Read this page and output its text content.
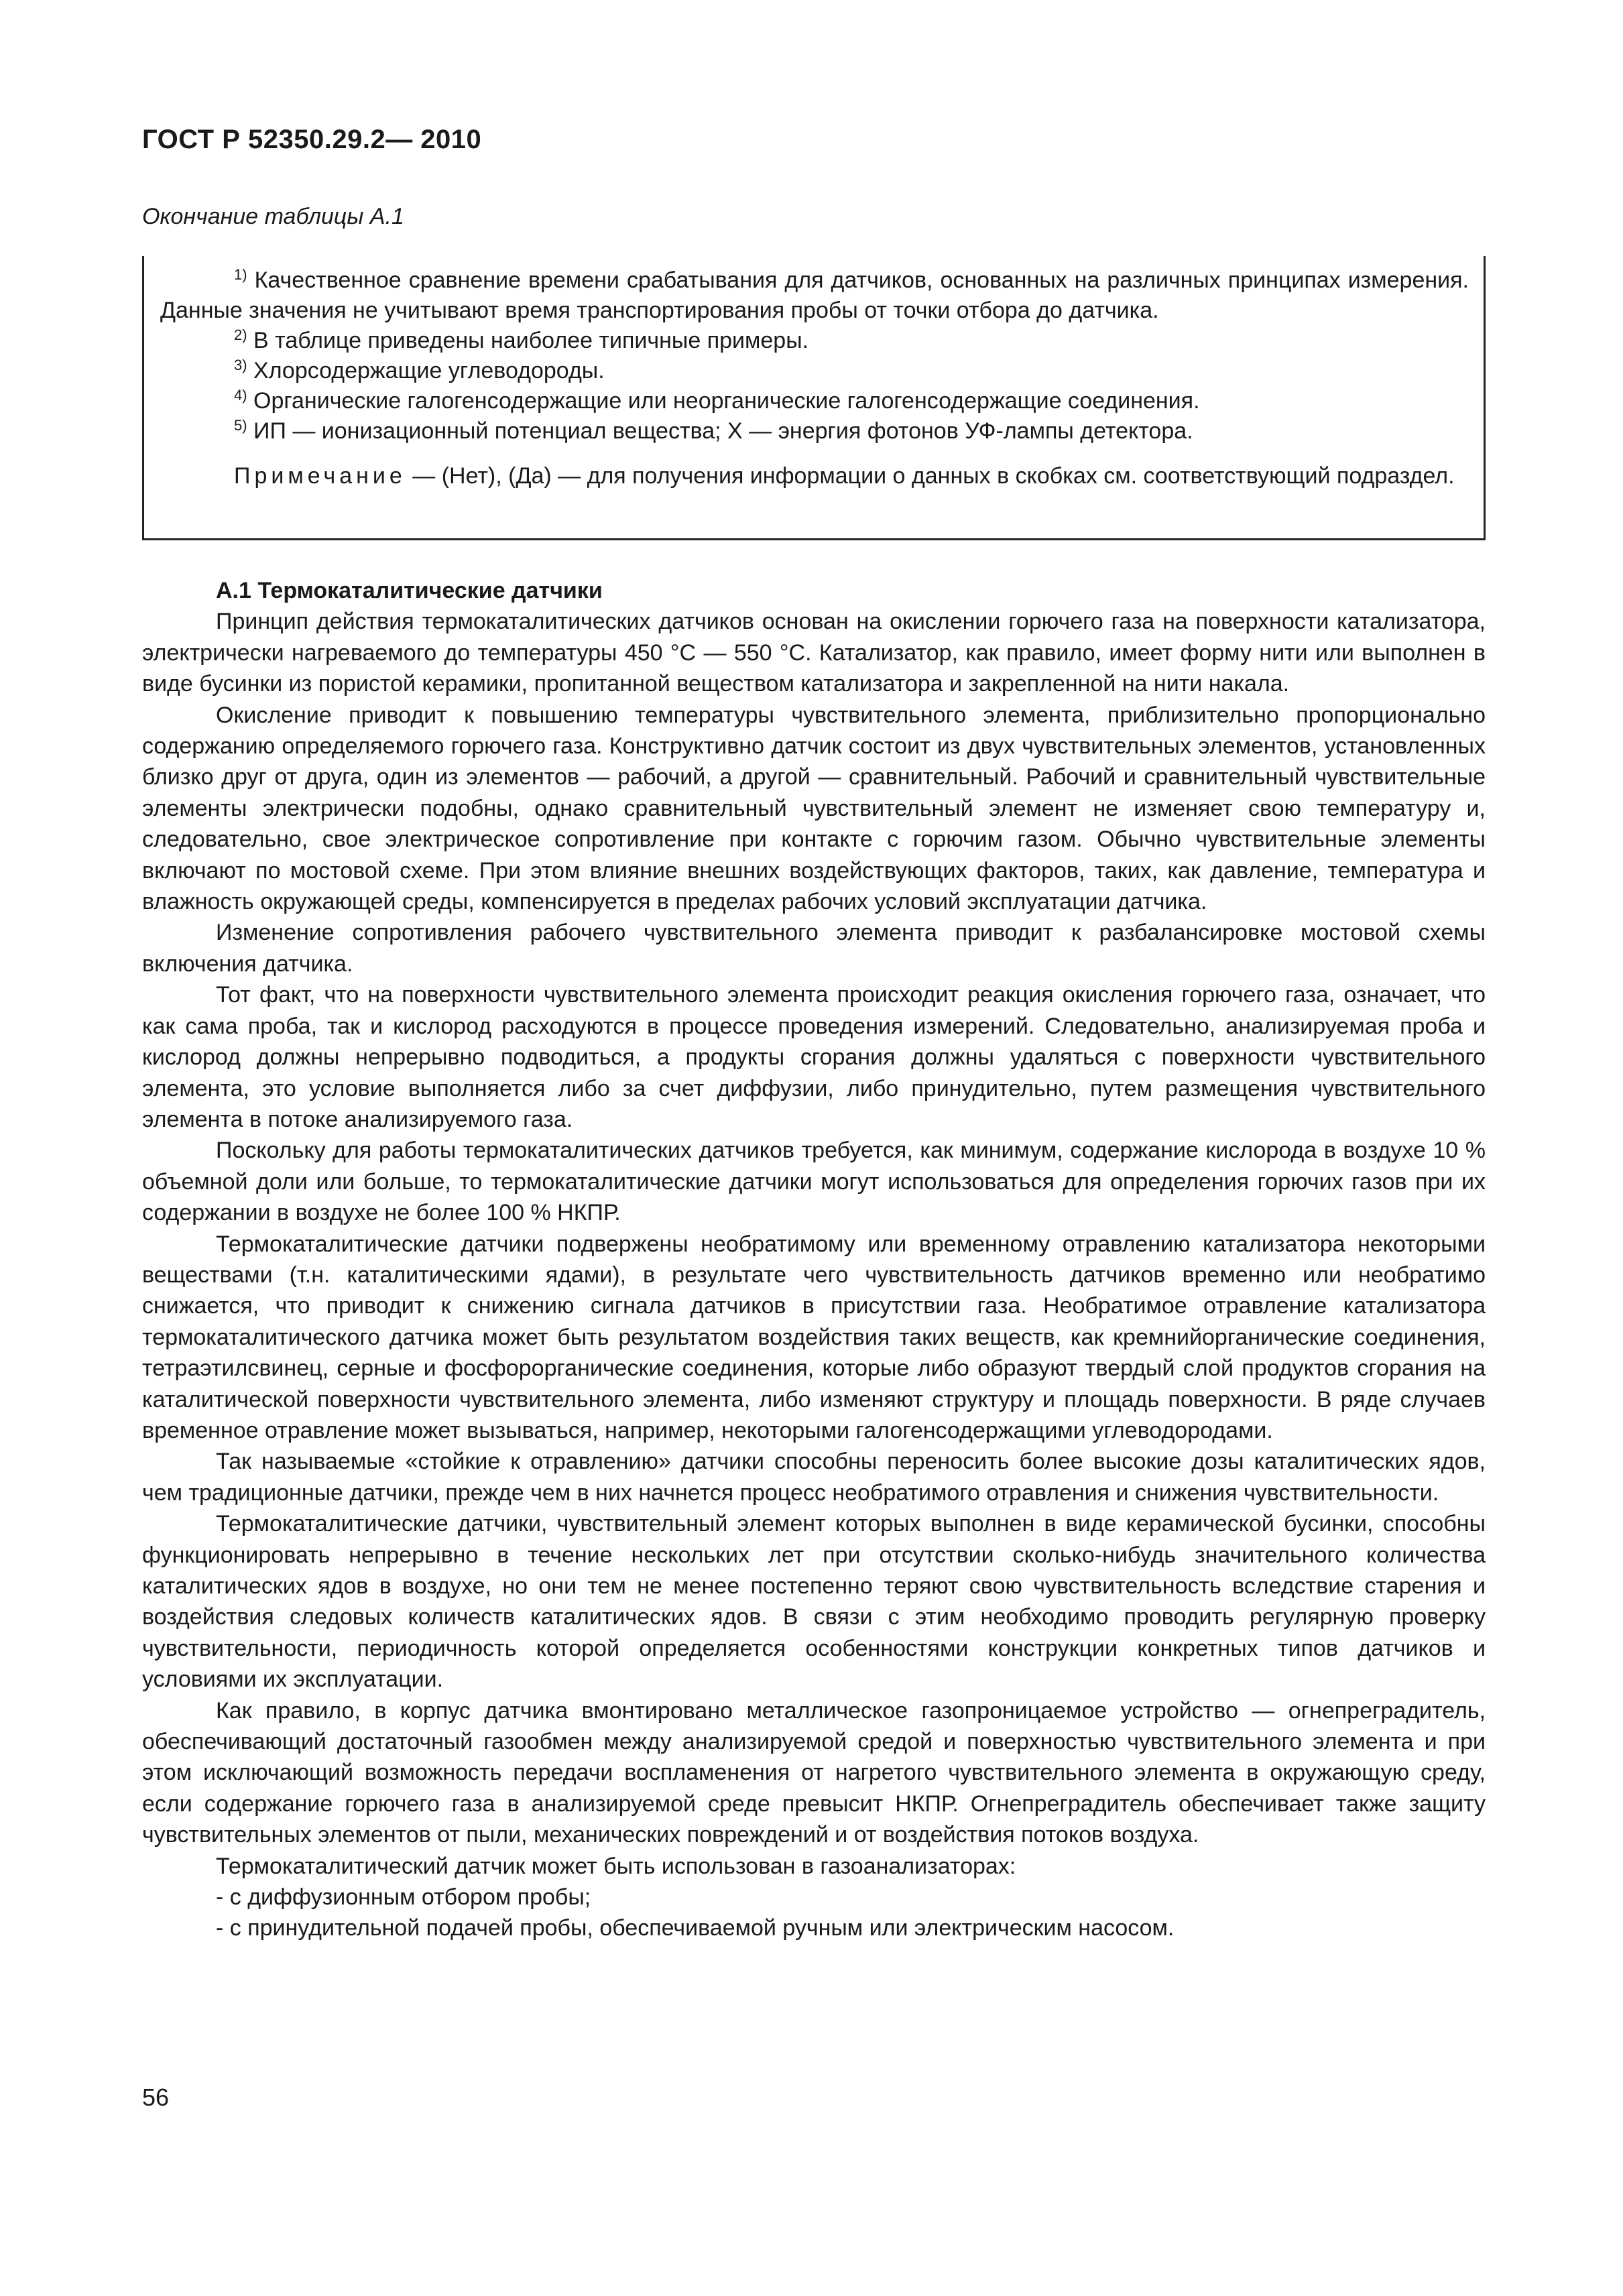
ГОСТ Р 52350.29.2— 2010
Окончание таблицы А.1

$^{1)}$ Качественное сравнение времени срабатывания для датчиков, основанных на различных принципах измерения. Данные значения не учитывают время транспортирования пробы от точки отбора до датчика.

$^{2)}$ В таблице приведены наиболее типичные примеры.

$^{3)}$ Хлорсодержащие углеводороды.

$^{4)}$ Органические галогенсодержащие или неорганические галогенсодержащие соединения.

$^{5)}$ ИП — ионизационный потенциал вещества; X — энергия фотонов УФ-лампы детектора.

Примечание — (Нет), (Да) — для получения информации о данных в скобках см. соответствующий подраздел.

А.1 Термокаталитические датчики

Принцип действия термокаталитических датчиков основан на окислении горючего газа на поверхности катализатора, электрически нагреваемого до температуры 450 °С — 550 °С. Катализатор, как правило, имеет форму нити или выполнен в виде бусинки из пористой керамики, пропитанной веществом катализатора и закрепленной на нити накала.

Окисление приводит к повышению температуры чувствительного элемента, приблизительно пропорционально содержанию определяемого горючего газа. Конструктивно датчик состоит из двух чувствительных элементов, установленных близко друг от друга, один из элементов — рабочий, а другой — сравнительный. Рабочий и сравнительный чувствительные элементы электрически подобны, однако сравнительный чувствительный элемент не изменяет свою температуру и, следовательно, свое электрическое сопротивление при контакте с горючим газом. Обычно чувствительные элементы включают по мостовой схеме. При этом влияние внешних воздействующих факторов, таких, как давление, температура и влажность окружающей среды, компенсируется в пределах рабочих условий эксплуатации датчика.

Изменение сопротивления рабочего чувствительного элемента приводит к разбалансировке мостовой схемы включения датчика.

Тот факт, что на поверхности чувствительного элемента происходит реакция окисления горючего газа, означает, что как сама проба, так и кислород расходуются в процессе проведения измерений. Следовательно, анализируемая проба и кислород должны непрерывно подводиться, а продукты сгорания должны удаляться с поверхности чувствительного элемента, это условие выполняется либо за счет диффузии, либо принудительно, путем размещения чувствительного элемента в потоке анализируемого газа.

Поскольку для работы термокаталитических датчиков требуется, как минимум, содержание кислорода в воздухе 10 % объемной доли или больше, то термокаталитические датчики могут использоваться для определения горючих газов при их содержании в воздухе не более 100 % НКПР.

Термокаталитические датчики подвержены необратимому или временному отравлению катализатора некоторыми веществами (т.н. каталитическими ядами), в результате чего чувствительность датчиков временно или необратимо снижается, что приводит к снижению сигнала датчиков в присутствии газа. Необратимое отравление катализатора термокаталитического датчика может быть результатом воздействия таких веществ, как кремнийорганические соединения, тетраэтилсвинец, серные и фосфорорганические соединения, которые либо образуют твердый слой продуктов сгорания на каталитической поверхности чувствительного элемента, либо изменяют структуру и площадь поверхности. В ряде случаев временное отравление может вызываться, например, некоторыми галогенсодержащими углеводородами.

Так называемые «стойкие к отравлению» датчики способны переносить более высокие дозы каталитических ядов, чем традиционные датчики, прежде чем в них начнется процесс необратимого отравления и снижения чувствительности.

Термокаталитические датчики, чувствительный элемент которых выполнен в виде керамической бусинки, способны функционировать непрерывно в течение нескольких лет при отсутствии сколько-нибудь значительного количества каталитических ядов в воздухе, но они тем не менее постепенно теряют свою чувствительность вследствие старения и воздействия следовых количеств каталитических ядов. В связи с этим необходимо проводить регулярную проверку чувствительности, периодичность которой определяется особенностями конструкции конкретных типов датчиков и условиями их эксплуатации.

Как правило, в корпус датчика вмонтировано металлическое газопроницаемое устройство — огнепреградитель, обеспечивающий достаточный газообмен между анализируемой средой и поверхностью чувствительного элемента и при этом исключающий возможность передачи воспламенения от нагретого чувствительного элемента в окружающую среду, если содержание горючего газа в анализируемой среде превысит НКПР. Огнепреградитель обеспечивает также защиту чувствительных элементов от пыли, механических повреждений и от воздействия потоков воздуха.

Термокаталитический датчик может быть использован в газоанализаторах:

- с диффузионным отбором пробы;

- с принудительной подачей пробы, обеспечиваемой ручным или электрическим насосом.

56
